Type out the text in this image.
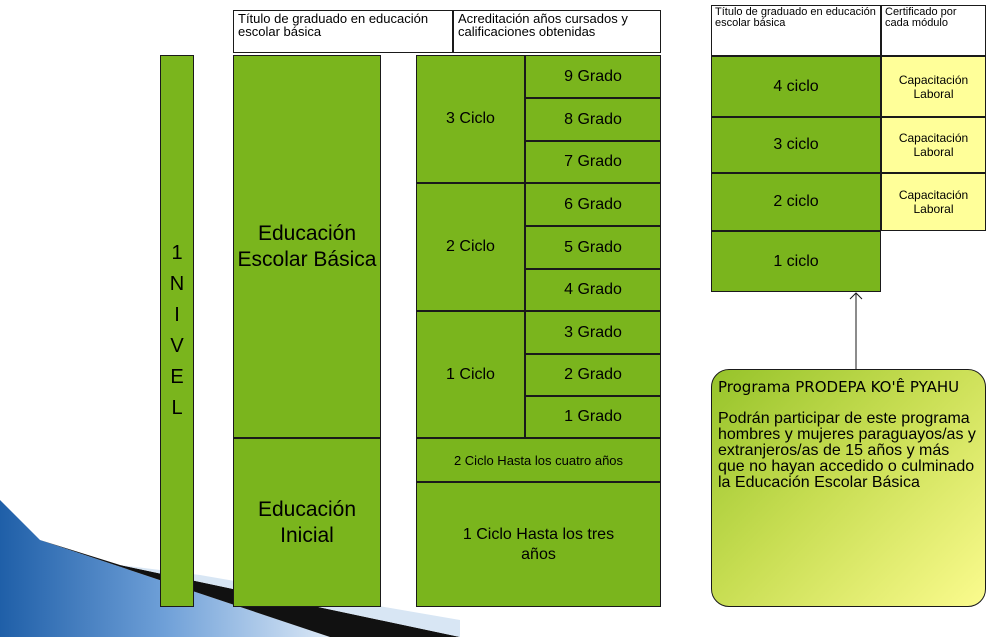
1
N
I
V
E
L
Título de graduado en educación escolar básica
Acreditación años cursados y calificaciones obtenidas
Educación Escolar Básica
Educación Inicial
3 Ciclo
2 Ciclo
1 Ciclo
9 Grado
8 Grado
7 Grado
6 Grado
5 Grado
4 Grado
3 Grado
2 Grado
1 Grado
2 Ciclo Hasta los cuatro años
1 Ciclo Hasta los tres años
Título de graduado en educación escolar básica
Certificado por cada módulo
4 ciclo
3 ciclo
2 ciclo
1 ciclo
Capacitación Laboral
Capacitación Laboral
Capacitación Laboral
Programa PRODEPA KO'Ê PYAHU
Podrán participar de este programa hombres y mujeres paraguayos/as y extranjeros/as de 15 años y más que no hayan accedido o culminado la Educación Escolar Básica
